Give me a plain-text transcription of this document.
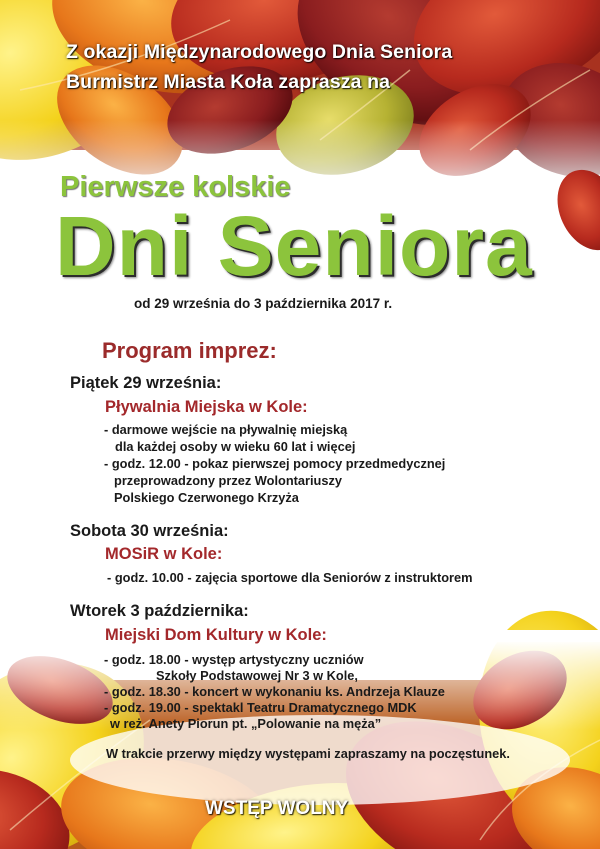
Z okazji Międzynarodowego Dnia Seniora
Burmistrz Miasta Koła zaprasza na
Pierwsze kolskie
Dni Seniora
od 29 września do 3 października 2017 r.
Program imprez:
Piątek 29 września:
Pływalnia Miejska w Kole:
- darmowe wejście na pływalnię miejską
dla każdej osoby w wieku 60 lat i więcej
- godz. 12.00 - pokaz pierwszej pomocy przedmedycznej
przeprowadzony przez Wolontariuszy
Polskiego Czerwonego Krzyża
Sobota 30 września:
MOSiR w Kole:
- godz. 10.00 - zajęcia sportowe dla Seniorów z instruktorem
Wtorek 3 października:
Miejski Dom Kultury w Kole:
- godz. 18.00 - występ artystyczny uczniów
Szkoły Podstawowej Nr 3 w Kole,
- godz. 18.30 - koncert w wykonaniu ks. Andrzeja Klauze
- godz. 19.00 - spektakl Teatru Dramatycznego MDK
w reż. Anety Piorun pt. „Polowanie na męża”
W trakcie przerwy między występami zapraszamy na poczęstunek.
WSTĘP WOLNY
